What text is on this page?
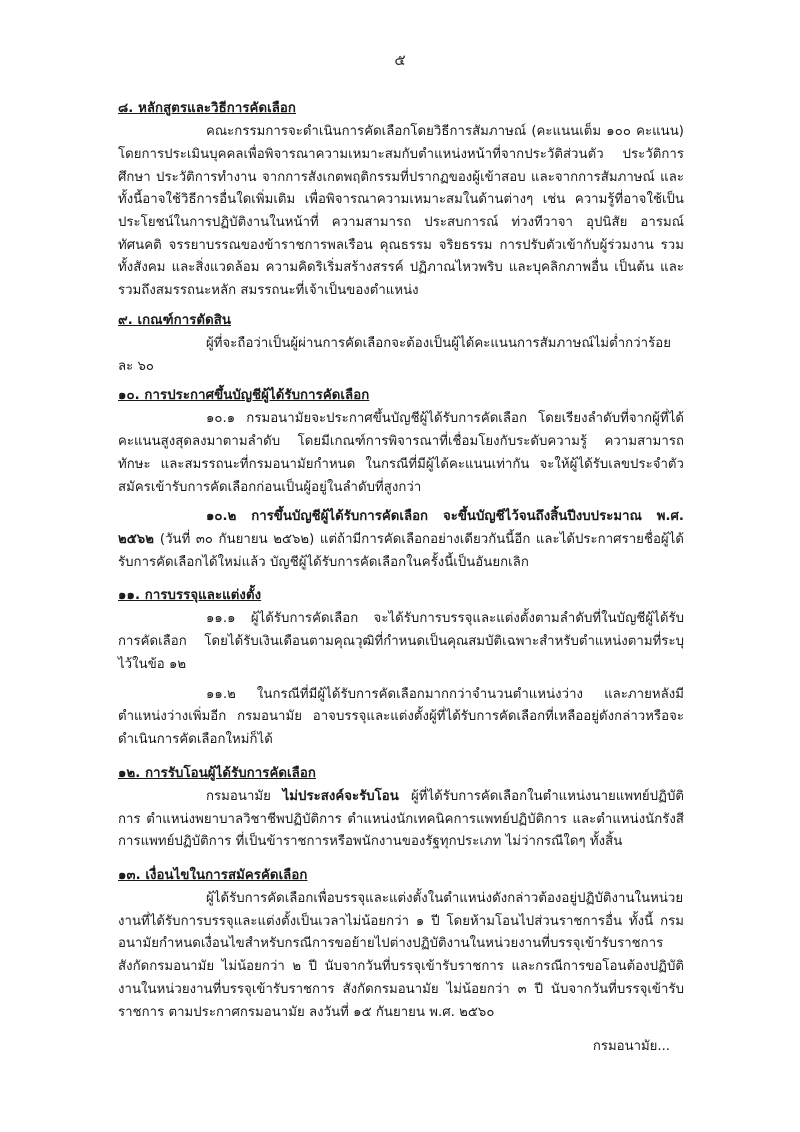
๕
๘. หลักสูตรและวิธีการคัดเลือก

คณะกรรมการจะดำเนินการคัดเลือกโดยวิธีการสัมภาษณ์ (คะแนนเต็ม ๑๐๐ คะแนน) โดยการประเมินบุคคลเพื่อพิจารณาความเหมาะสมกับตำแหน่งหน้าที่จากประวัติส่วนตัว ประวัติการศึกษา ประวัติการทำงาน จากการสังเกตพฤติกรรมที่ปรากฏของผู้เข้าสอบ และจากการสัมภาษณ์ และทั้งนี้อาจใช้วิธีการอื่นใดเพิ่มเติม เพื่อพิจารณาความเหมาะสมในด้านต่างๆ เช่น ความรู้ที่อาจใช้เป็นประโยชน์ในการปฏิบัติงานในหน้าที่ ความสามารถ ประสบการณ์ ท่วงทีวาจา อุปนิสัย อารมณ์ ทัศนคติ จรรยาบรรณของข้าราชการพลเรือน คุณธรรม จริยธรรม การปรับตัวเข้ากับผู้ร่วมงาน รวมทั้งสังคม และสิ่งแวดล้อม ความคิดริเริ่มสร้างสรรค์ ปฏิภาณไหวพริบ และบุคลิกภาพอื่น เป็นต้น และรวมถึงสมรรถนะหลัก สมรรถนะที่เจ้าเป็นของตำแหน่ง

๙. เกณฑ์การตัดสิน

ผู้ที่จะถือว่าเป็นผู้ผ่านการคัดเลือกจะต้องเป็นผู้ได้คะแนนการสัมภาษณ์ไม่ต่ำกว่าร้อยละ ๖๐

๑๐. การประกาศขึ้นบัญชีผู้ได้รับการคัดเลือก

๑๐.๑ กรมอนามัยจะประกาศขึ้นบัญชีผู้ได้รับการคัดเลือก โดยเรียงลำดับที่จากผู้ที่ได้คะแนนสูงสุดลงมาตามลำดับ โดยมีเกณฑ์การพิจารณาที่เชื่อมโยงกับระดับความรู้ ความสามารถ ทักษะ และสมรรถนะที่กรมอนามัยกำหนด ในกรณีที่มีผู้ได้คะแนนเท่ากัน จะให้ผู้ได้รับเลขประจำตัวสมัครเข้ารับการคัดเลือกก่อนเป็นผู้อยู่ในลำดับที่สูงกว่า

๑๐.๒ การขึ้นบัญชีผู้ได้รับการคัดเลือก จะขึ้นบัญชีไว้จนถึงสิ้นปีงบประมาณ พ.ศ. ๒๕๖๒ (วันที่ ๓๐ กันยายน ๒๕๖๒) แต่ถ้ามีการคัดเลือกอย่างเดียวกันนี้อีก และได้ประกาศรายชื่อผู้ได้รับการคัดเลือกได้ใหม่แล้ว บัญชีผู้ได้รับการคัดเลือกในครั้งนี้เป็นอันยกเลิก

๑๑. การบรรจุและแต่งตั้ง

๑๑.๑ ผู้ได้รับการคัดเลือก จะได้รับการบรรจุและแต่งตั้งตามลำดับที่ในบัญชีผู้ได้รับการคัดเลือก โดยได้รับเงินเดือนตามคุณวุฒิที่กำหนดเป็นคุณสมบัติเฉพาะสำหรับตำแหน่งตามที่ระบุไว้ในข้อ ๑๒

๑๑.๒ ในกรณีที่มีผู้ได้รับการคัดเลือกมากกว่าจำนวนตำแหน่งว่าง และภายหลังมีตำแหน่งว่างเพิ่มอีก กรมอนามัย อาจบรรจุและแต่งตั้งผู้ที่ได้รับการคัดเลือกที่เหลืออยู่ดังกล่าวหรือจะดำเนินการคัดเลือกใหม่ก็ได้

๑๒. การรับโอนผู้ได้รับการคัดเลือก

กรมอนามัย ไม่ประสงค์จะรับโอน ผู้ที่ได้รับการคัดเลือกในตำแหน่งนายแพทย์ปฏิบัติการ ตำแหน่งพยาบาลวิชาชีพปฏิบัติการ ตำแหน่งนักเทคนิคการแพทย์ปฏิบัติการ และตำแหน่งนักรังสีการแพทย์ปฏิบัติการ ที่เป็นข้าราชการหรือพนักงานของรัฐทุกประเภท ไม่ว่ากรณีใดๆ ทั้งสิ้น

๑๓. เงื่อนไขในการสมัครคัดเลือก

ผู้ได้รับการคัดเลือกเพื่อบรรจุและแต่งตั้งในตำแหน่งดังกล่าวต้องอยู่ปฏิบัติงานในหน่วยงานที่ได้รับการบรรจุและแต่งตั้งเป็นเวลาไม่น้อยกว่า ๑ ปี โดยห้ามโอนไปส่วนราชการอื่น ทั้งนี้ กรมอนามัยกำหนดเงื่อนไขสำหรับกรณีการขอย้ายไปต่างปฏิบัติงานในหน่วยงานที่บรรจุเข้ารับราชการ สังกัดกรมอนามัย ไม่น้อยกว่า ๒ ปี นับจากวันที่บรรจุเข้ารับราชการ และกรณีการขอโอนต้องปฏิบัติงานในหน่วยงานที่บรรจุเข้ารับราชการ สังกัดกรมอนามัย ไม่น้อยกว่า ๓ ปี นับจากวันที่บรรจุเข้ารับราชการ ตามประกาศกรมอนามัย ลงวันที่ ๑๕ กันยายน พ.ศ. ๒๕๖๐

กรมอนามัย...
